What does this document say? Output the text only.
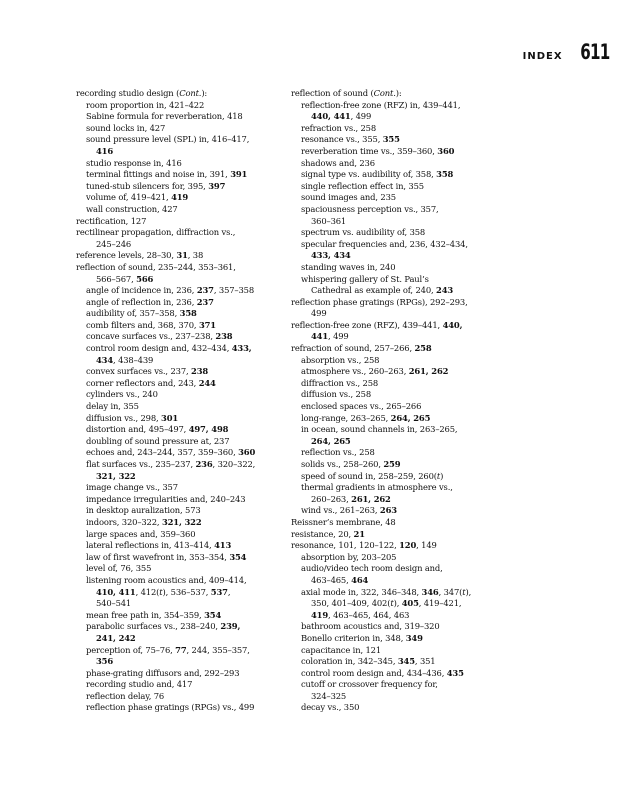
INDEX 611
recording studio design (Cont.):
room proportion in, 421–422
Sabine formula for reverberation, 418
sound locks in, 427
sound pressure level (SPL) in, 416–417,
416
studio response in, 416
terminal fittings and noise in, 391, 391
tuned-stub silencers for, 395, 397
volume of, 419–421, 419
wall construction, 427
rectification, 127
rectilinear propagation, diffraction vs.,
245–246
reference levels, 28–30, 31, 38
reflection of sound, 235–244, 353–361,
566–567, 566
angle of incidence in, 236, 237, 357–358
angle of reflection in, 236, 237
audibility of, 357–358, 358
comb filters and, 368, 370, 371
concave surfaces vs., 237–238, 238
control room design and, 432–434, 433,
434, 438–439
convex surfaces vs., 237, 238
corner reflectors and, 243, 244
cylinders vs., 240
delay in, 355
diffusion vs., 298, 301
distortion and, 495–497, 497, 498
doubling of sound pressure at, 237
echoes and, 243–244, 357, 359–360, 360
flat surfaces vs., 235–237, 236, 320–322,
321, 322
image change vs., 357
impedance irregularities and, 240–243
in desktop auralization, 573
indoors, 320–322, 321, 322
large spaces and, 359–360
lateral reflections in, 413–414, 413
law of first wavefront in, 353–354, 354
level of, 76, 355
listening room acoustics and, 409–414,
410, 411, 412(t), 536–537, 537,
540–541
mean free path in, 354–359, 354
parabolic surfaces vs., 238–240, 239,
241, 242
perception of, 75–76, 77, 244, 355–357,
356
phase-grating diffusors and, 292–293
recording studio and, 417
reflection delay, 76
reflection phase gratings (RPGs) vs., 499
reflection of sound (Cont.):
reflection-free zone (RFZ) in, 439–441,
440, 441, 499
refraction vs., 258
resonance vs., 355, 355
reverberation time vs., 359–360, 360
shadows and, 236
signal type vs. audibility of, 358, 358
single reflection effect in, 355
sound images and, 235
spaciousness perception vs., 357,
360–361
spectrum vs. audibility of, 358
specular frequencies and, 236, 432–434,
433, 434
standing waves in, 240
whispering gallery of St. Paul’s
Cathedral as example of, 240, 243
reflection phase gratings (RPGs), 292–293,
499
reflection-free zone (RFZ), 439–441, 440,
441, 499
refraction of sound, 257–266, 258
absorption vs., 258
atmosphere vs., 260–263, 261, 262
diffraction vs., 258
diffusion vs., 258
enclosed spaces vs., 265–266
long-range, 263–265, 264, 265
in ocean, sound channels in, 263–265,
264, 265
reflection vs., 258
solids vs., 258–260, 259
speed of sound in, 258–259, 260(t)
thermal gradients in atmosphere vs.,
260–263, 261, 262
wind vs., 261–263, 263
Reissner’s membrane, 48
resistance, 20, 21
resonance, 101, 120–122, 120, 149
absorption by, 203–205
audio/video tech room design and,
463–465, 464
axial mode in, 322, 346–348, 346, 347(t),
350, 401–409, 402(t), 405, 419–421,
419, 463–465, 464, 463
bathroom acoustics and, 319–320
Bonello criterion in, 348, 349
capacitance in, 121
coloration in, 342–345, 345, 351
control room design and, 434–436, 435
cutoff or crossover frequency for,
324–325
decay vs., 350
